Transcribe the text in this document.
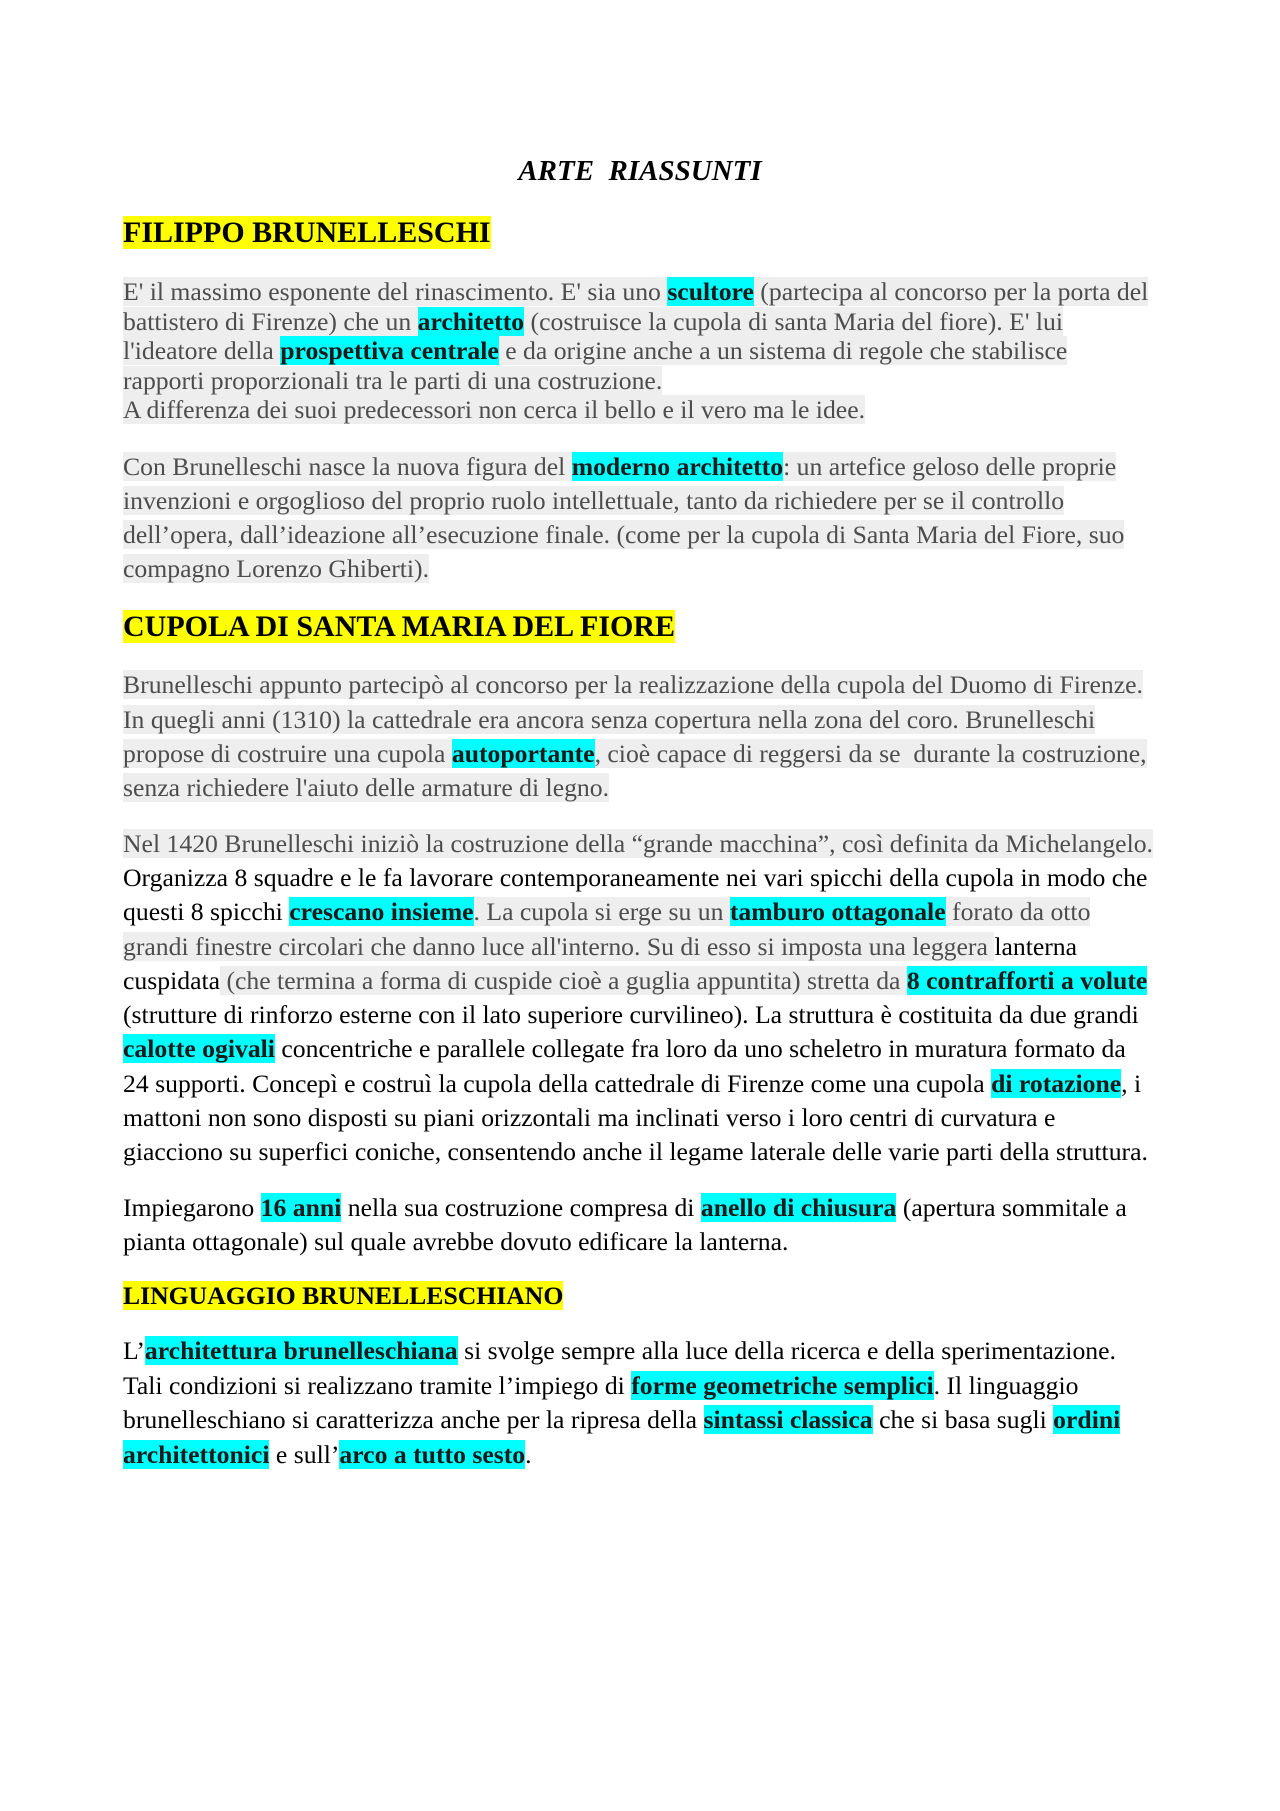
ARTE  RIASSUNTI
FILIPPO BRUNELLESCHI
E' il massimo esponente del rinascimento. E' sia uno scultore (partecipa al concorso per la porta del
battistero di Firenze) che un architetto (costruisce la cupola di santa Maria del fiore). E' lui
l'ideatore della prospettiva centrale e da origine anche a un sistema di regole che stabilisce
rapporti proporzionali tra le parti di una costruzione.
A differenza dei suoi predecessori non cerca il bello e il vero ma le idee.
Con Brunelleschi nasce la nuova figura del moderno architetto: un artefice geloso delle proprie
invenzioni e orgoglioso del proprio ruolo intellettuale, tanto da richiedere per se il controllo
dell’opera, dall’ideazione all’esecuzione finale. (come per la cupola di Santa Maria del Fiore, suo
compagno Lorenzo Ghiberti).
CUPOLA DI SANTA MARIA DEL FIORE
Brunelleschi appunto partecipò al concorso per la realizzazione della cupola del Duomo di Firenze.
In quegli anni (1310) la cattedrale era ancora senza copertura nella zona del coro. Brunelleschi
propose di costruire una cupola autoportante, cioè capace di reggersi da se  durante la costruzione,
senza richiedere l'aiuto delle armature di legno.
Nel 1420 Brunelleschi iniziò la costruzione della “grande macchina”, così definita da Michelangelo.
Organizza 8 squadre e le fa lavorare contemporaneamente nei vari spicchi della cupola in modo che
questi 8 spicchi crescano insieme. La cupola si erge su un tamburo ottagonale forato da otto
grandi finestre circolari che danno luce all'interno. Su di esso si imposta una leggera lanterna
cuspidata (che termina a forma di cuspide cioè a guglia appuntita) stretta da 8 contrafforti a volute
(strutture di rinforzo esterne con il lato superiore curvilineo). La struttura è costituita da due grandi
calotte ogivali concentriche e parallele collegate fra loro da uno scheletro in muratura formato da
24 supporti. Concepì e costruì la cupola della cattedrale di Firenze come una cupola di rotazione, i
mattoni non sono disposti su piani orizzontali ma inclinati verso i loro centri di curvatura e
giacciono su superfici coniche, consentendo anche il legame laterale delle varie parti della struttura.
Impiegarono 16 anni nella sua costruzione compresa di anello di chiusura (apertura sommitale a
pianta ottagonale) sul quale avrebbe dovuto edificare la lanterna.
LINGUAGGIO BRUNELLESCHIANO
L’architettura brunelleschiana si svolge sempre alla luce della ricerca e della sperimentazione.
Tali condizioni si realizzano tramite l’impiego di forme geometriche semplici. Il linguaggio
brunelleschiano si caratterizza anche per la ripresa della sintassi classica che si basa sugli ordini
architettonici e sull’arco a tutto sesto.
